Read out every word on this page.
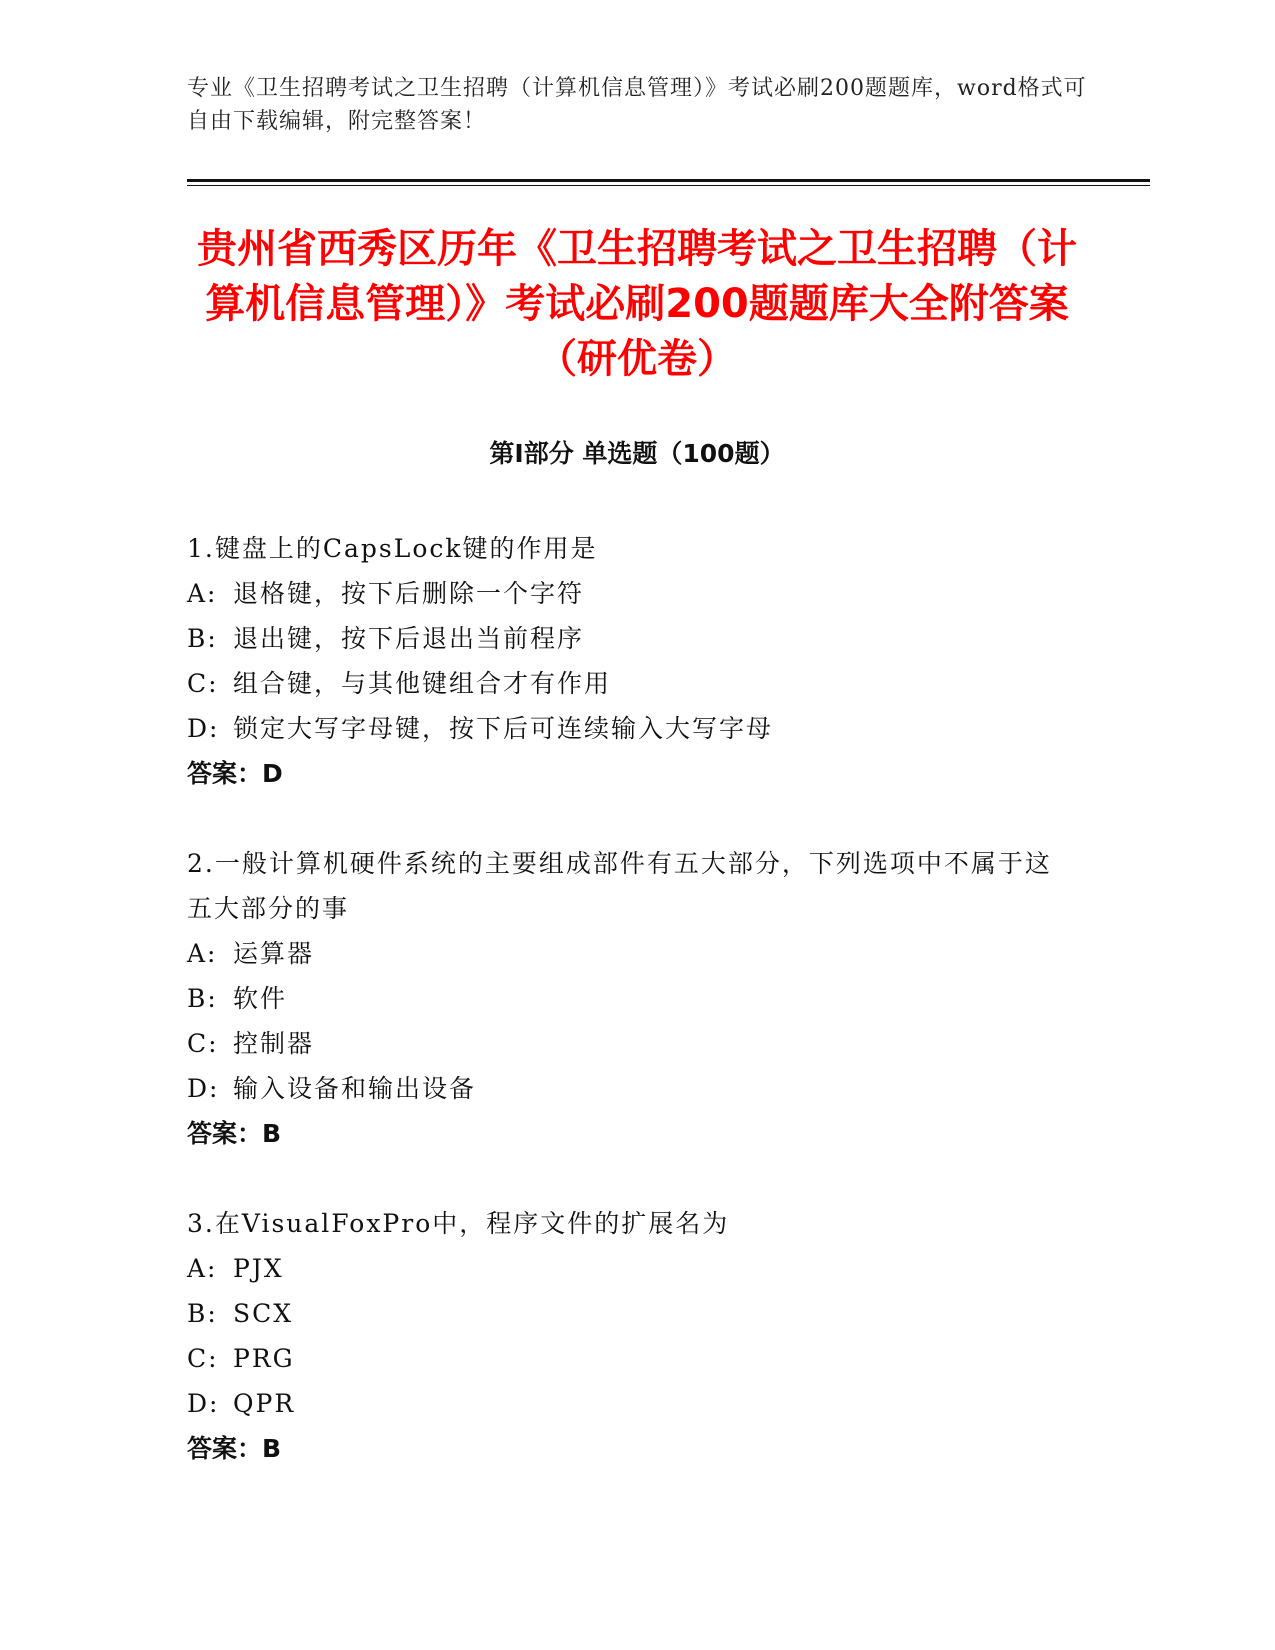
专业《卫生招聘考试之卫生招聘（计算机信息管理）》考试必刷200题题库，word格式可自由下载编辑，附完整答案！
贵州省西秀区历年《卫生招聘考试之卫生招聘（计算机信息管理）》考试必刷200题题库大全附答案（研优卷）
第I部分 单选题（100题）
1.键盘上的CapsLock键的作用是
A: 退格键，按下后删除一个字符
B: 退出键，按下后退出当前程序
C: 组合键，与其他键组合才有作用
D: 锁定大写字母键，按下后可连续输入大写字母
答案：D
2.一般计算机硬件系统的主要组成部件有五大部分，下列选项中不属于这五大部分的事
A: 运算器
B: 软件
C: 控制器
D: 输入设备和输出设备
答案：B
3.在VisualFoxPro中，程序文件的扩展名为
A: PJX
B: SCX
C: PRG
D: QPR
答案：B
